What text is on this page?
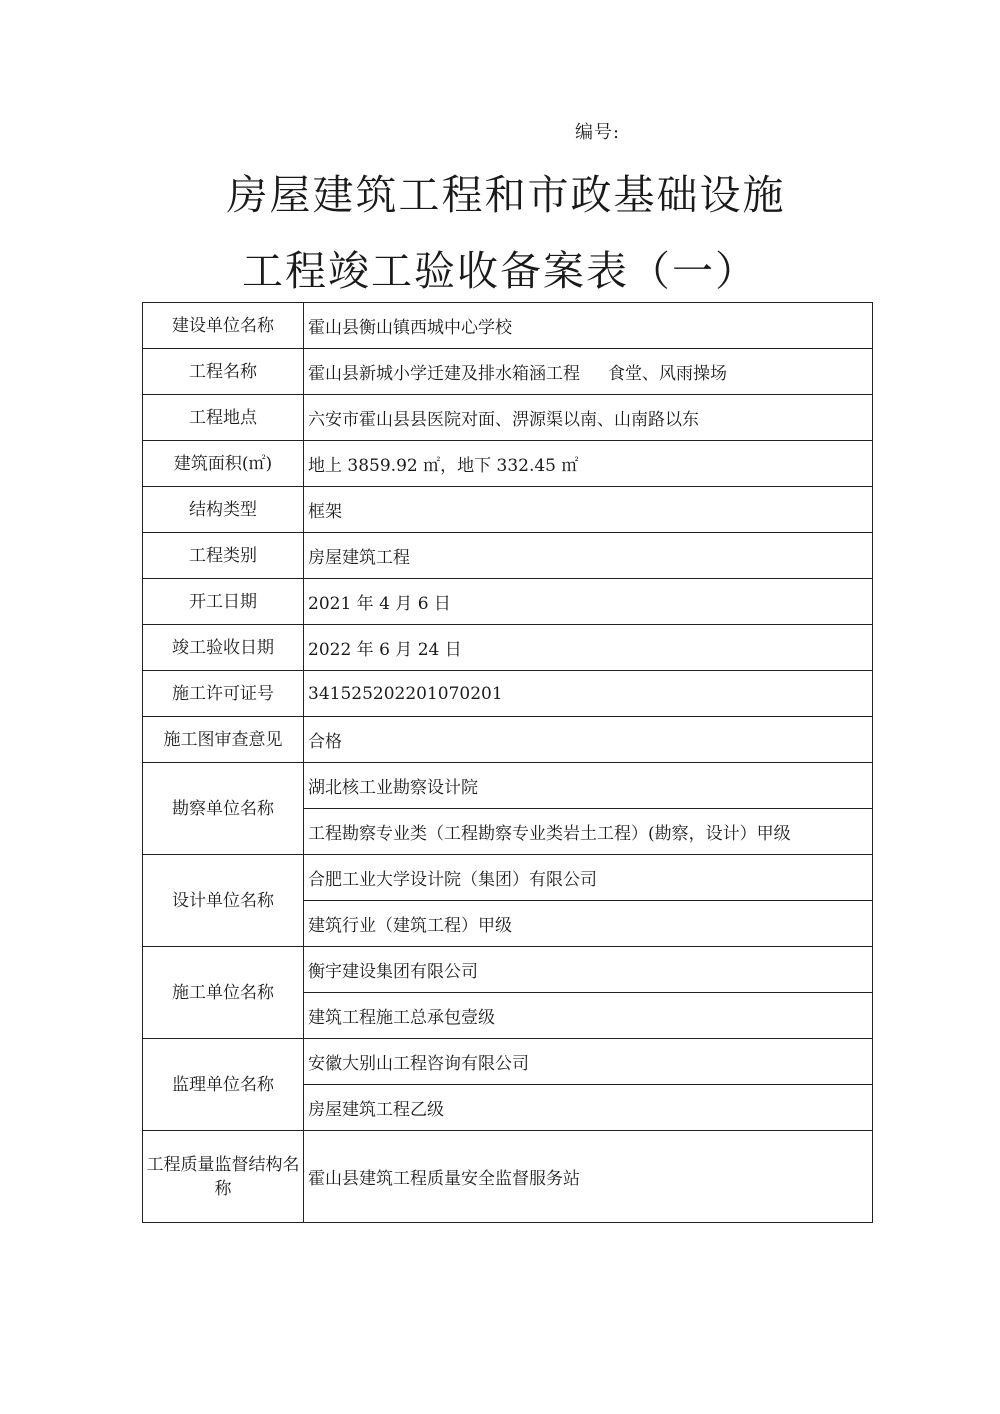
编号:
房屋建筑工程和市政基础设施
工程竣工验收备案表（一）
建设单位名称	霍山县衡山镇西城中心学校
工程名称	霍山县新城小学迁建及排水箱涵工程 食堂、风雨操场
工程地点	六安市霍山县县医院对面、淠源渠以南、山南路以东
建筑面积(㎡)	地上 3859.92 ㎡，地下 332.45 ㎡
结构类型	框架
工程类别	房屋建筑工程
开工日期	2021 年 4 月 6 日
竣工验收日期	2022 年 6 月 24 日
施工许可证号	341525202201070201
施工图审查意见	合格
勘察单位名称	湖北核工业勘察设计院
	工程勘察专业类（工程勘察专业类岩土工程）(勘察，设计）甲级
设计单位名称	合肥工业大学设计院（集团）有限公司
	建筑行业（建筑工程）甲级
施工单位名称	衡宇建设集团有限公司
	建筑工程施工总承包壹级
监理单位名称	安徽大别山工程咨询有限公司
	房屋建筑工程乙级
工程质量监督结构名称	霍山县建筑工程质量安全监督服务站
